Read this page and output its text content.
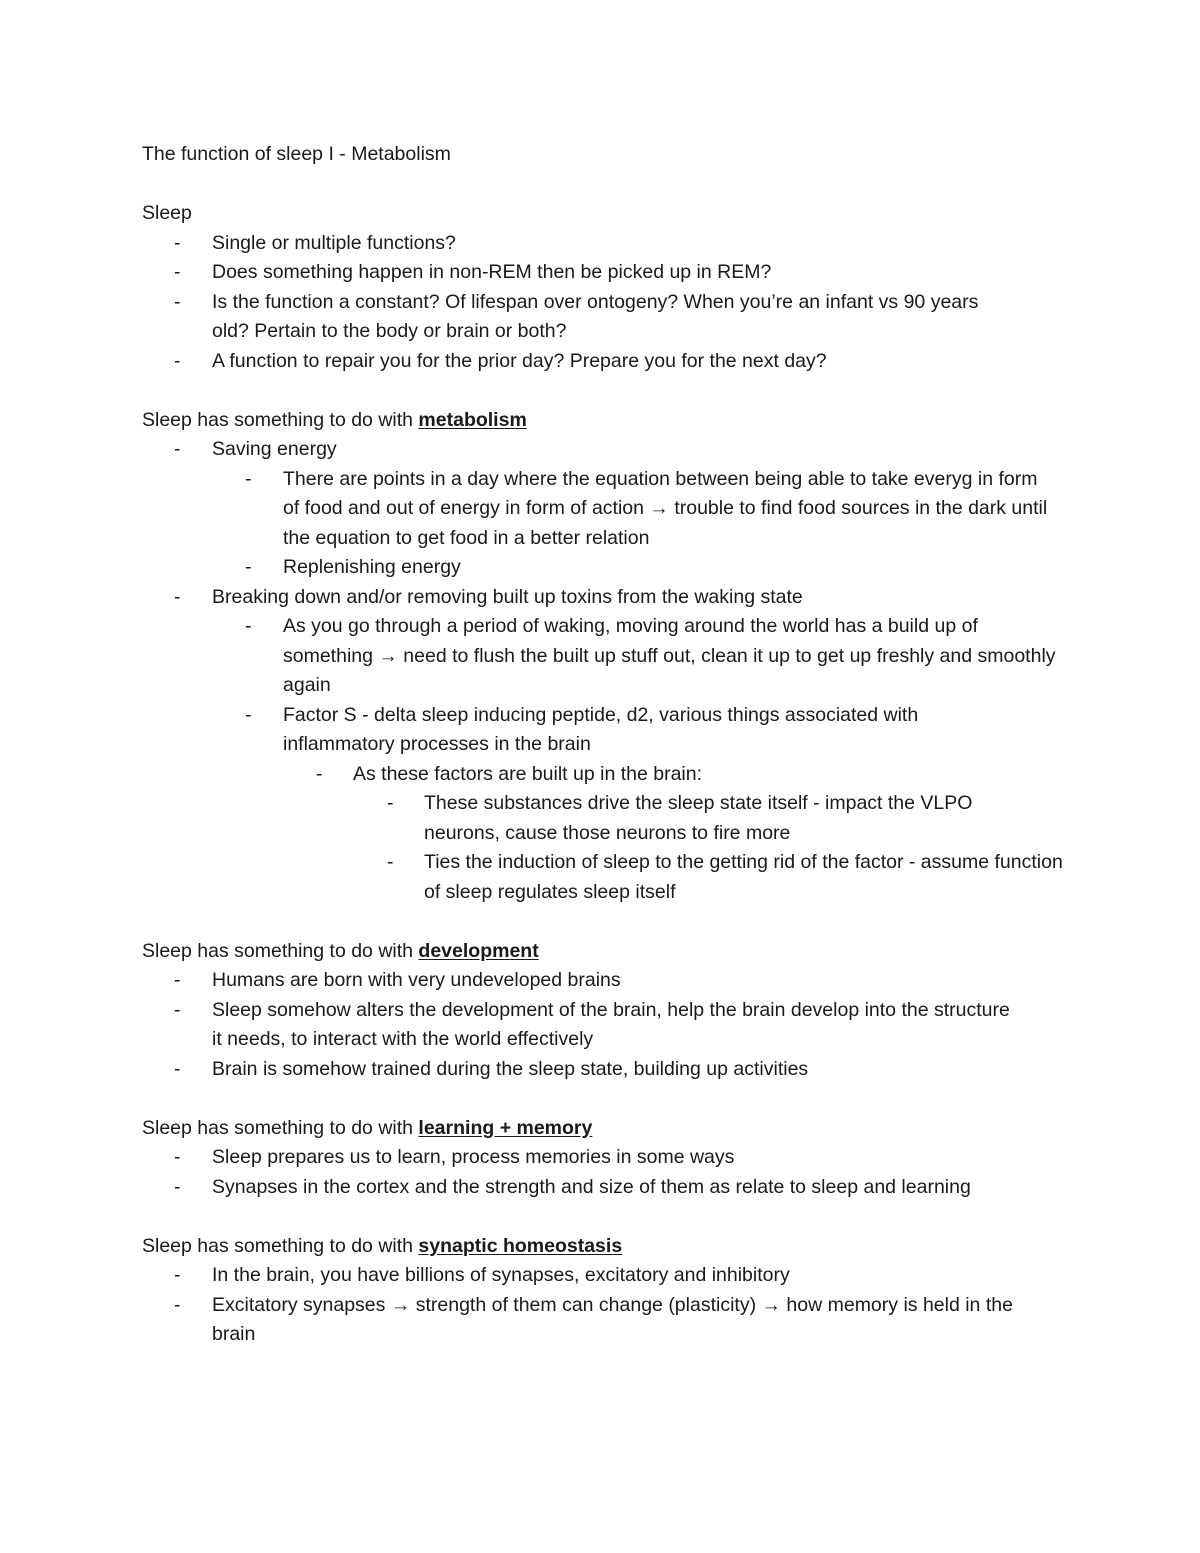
The function of sleep I - Metabolism
Sleep
- Single or multiple functions?
- Does something happen in non-REM then be picked up in REM?
- Is the function a constant? Of lifespan over ontogeny? When you’re an infant vs 90 years old? Pertain to the body or brain or both?
- A function to repair you for the prior day? Prepare you for the next day?
Sleep has something to do with metabolism
- Saving energy
- There are points in a day where the equation between being able to take everyg in form of food and out of energy in form of action → trouble to find food sources in the dark until the equation to get food in a better relation
- Replenishing energy
- Breaking down and/or removing built up toxins from the waking state
- As you go through a period of waking, moving around the world has a build up of something → need to flush the built up stuff out, clean it up to get up freshly and smoothly again
- Factor S - delta sleep inducing peptide, d2, various things associated with inflammatory processes in the brain
- As these factors are built up in the brain:
- These substances drive the sleep state itself - impact the VLPO neurons, cause those neurons to fire more
- Ties the induction of sleep to the getting rid of the factor - assume function of sleep regulates sleep itself
Sleep has something to do with development
- Humans are born with very undeveloped brains
- Sleep somehow alters the development of the brain, help the brain develop into the structure it needs, to interact with the world effectively
- Brain is somehow trained during the sleep state, building up activities
Sleep has something to do with learning + memory
- Sleep prepares us to learn, process memories in some ways
- Synapses in the cortex and the strength and size of them as relate to sleep and learning
Sleep has something to do with synaptic homeostasis
- In the brain, you have billions of synapses, excitatory and inhibitory
- Excitatory synapses → strength of them can change (plasticity) → how memory is held in the brain
